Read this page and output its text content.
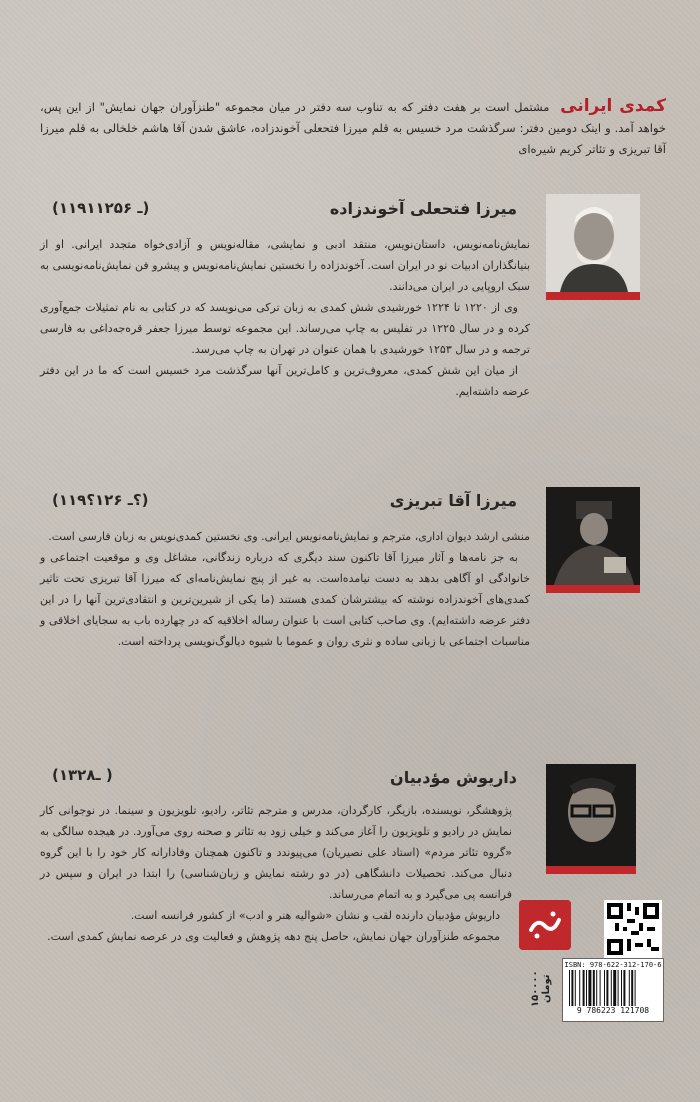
کمدی ایرانی مشتمل است بر هفت دفتر که به تناوب سه دفتر در میان مجموعه "طنزآوران جهان نمایش" از این پس، خواهد آمد. و اینک دومین دفتر: سرگذشت مرد خسیس به قلم میرزا فتحعلی آخوندزاده، عاشق شدن آقا هاشم خلخالی به قلم میرزا آقا تبریزی و تئاتر کریم شیره‌ای
میرزا فتحعلی آخوندزاده
(۱۱۹۱ـ ۱۲۵۶)

نمایش‌نامه‌نویس، داستان‌نویس، منتقد ادبی و نمایشی، مقاله‌نویس و آزادی‌خواه متجدد ایرانی. او از بنیانگذاران ادبیات نو در ایران است. آخوندزاده را نخستین نمایش‌نامه‌نویس و پیشرو فن نمایش‌نامه‌نویسی به سبک اروپایی در ایران می‌دانند.

وی از ۱۲۲۰ تا ۱۲۲۴ خورشیدی شش کمدی به زبان ترکی می‌نویسد که در کتابی به نام تمثیلات جمع‌آوری کرده و در سال ۱۲۲۵ در تفلیس به چاپ می‌رساند. این مجموعه توسط میرزا جعفر قره‌جه‌داغی به فارسی ترجمه و در سال ۱۲۵۳ خورشیدی با همان عنوان در تهران به چاپ می‌رسد.

از میان این شش کمدی، معروف‌ترین و کامل‌ترین آنها سرگذشت مرد خسیس است که ما در این دفتر عرضه داشته‌ایم.

میرزا آقا تبریزی
(۱۱۹؟ـ ۱۲۶؟)

منشی ارشد دیوان اداری، مترجم و نمایش‌نامه‌نویس ایرانی. وی نخستین کمدی‌نویس به زبان فارسی است.

به جز نامه‌ها و آثار میرزا آقا تاکنون سند دیگری که درباره زندگانی، مشاغل وی و موقعیت اجتماعی و خانوادگی او آگاهی بدهد به دست نیامده‌است. به غیر از پنج نمایش‌نامه‌ای که میرزا آقا تبریزی تحت تاثیر کمدی‌های آخوندزاده نوشته که بیشترشان کمدی هستند (ما یکی از شیرین‌ترین و انتقادی‌ترین آنها را در این دفتر عرضه داشته‌ایم). وی صاحب کتابی است با عنوان رساله اخلاقیه که در چهارده باب به سجایای اخلاقی و مناسبات اجتماعی با زبانی ساده و نثری روان و عموما با شیوه دیالوگ‌نویسی پرداخته است.

داریوش مؤدبیان
(۱۳۲۸ـ )

پژوهشگر، نویسنده، بازیگر، کارگردان، مدرس و مترجم تئاتر، رادیو، تلویزیون و سینما. در نوجوانی کار نمایش در رادیو و تلویزیون را آغاز می‌کند و خیلی زود به تئاتر و صحنه روی می‌آورد. در هیجده سالگی به «گروه تئاتر مردم» (استاد علی نصیریان) می‌پیوندد و تاکنون همچنان وفادارانه کار خود را با این گروه دنبال می‌کند. تحصیلات دانشگاهی (در دو رشته نمایش و زبان‌شناسی) را ابتدا در ایران و سپس در فرانسه پی می‌گیرد و به اتمام می‌رساند.

داریوش مؤدبیان دارنده لقب و نشان «شوالیه هنر و ادب» از کشور فرانسه است.

مجموعه طنزآوران جهان نمایش، حاصل پنج دهه پژوهش و فعالیت وی در عرصه نمایش کمدی است.

۱۵۰۰۰۰ تومان
ISBN: 978-622-312-170-6
9 786223 121708
